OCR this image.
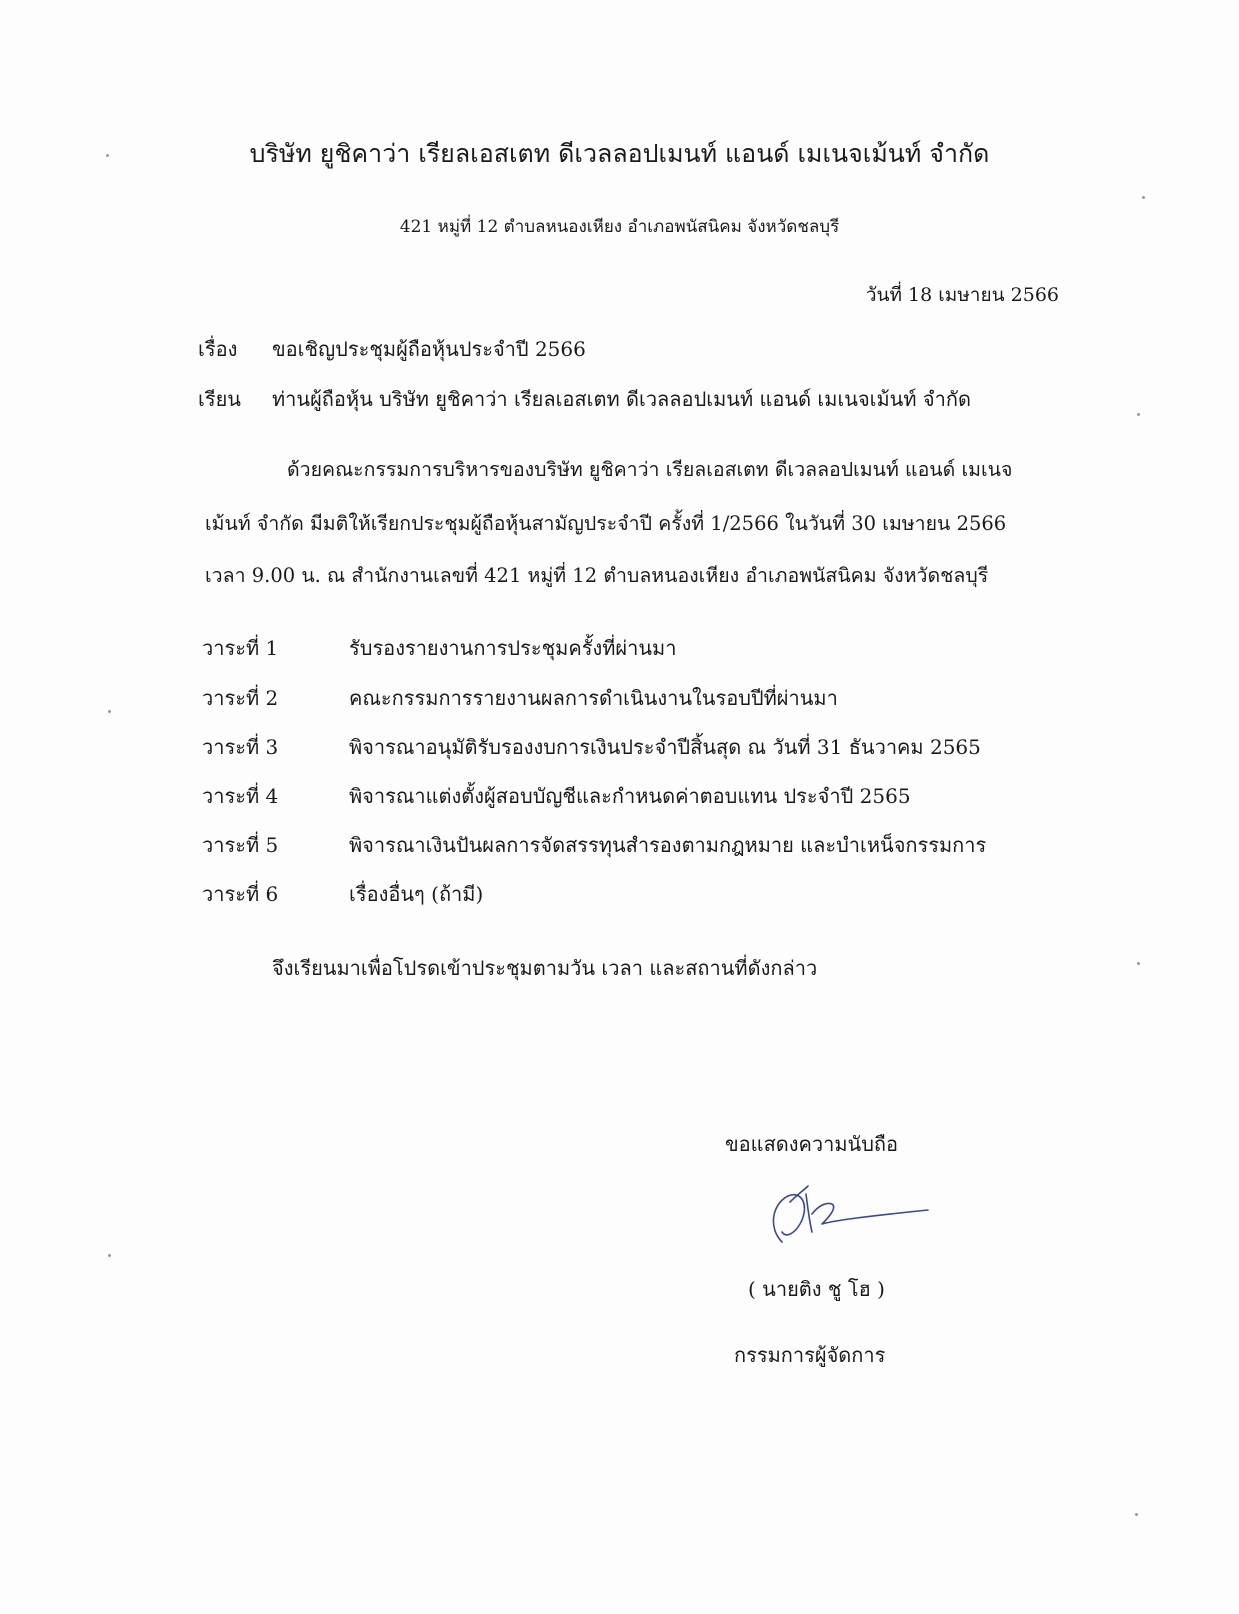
บริษัท ยูชิคาว่า เรียลเอสเตท ดีเวลลอปเมนท์ แอนด์ เมเนจเม้นท์ จำกัด
421 หมู่ที่ 12 ตำบลหนองเหียง อำเภอพนัสนิคม จังหวัดชลบุรี
วันที่ 18 เมษายน 2566
เรื่อง ขอเชิญประชุมผู้ถือหุ้นประจำปี 2566
เรียน ท่านผู้ถือหุ้น บริษัท ยูชิคาว่า เรียลเอสเตท ดีเวลลอปเมนท์ แอนด์ เมเนจเม้นท์ จำกัด
ด้วยคณะกรรมการบริหารของบริษัท ยูชิคาว่า เรียลเอสเตท ดีเวลลอปเมนท์ แอนด์ เมเนจ
เม้นท์ จำกัด มีมติให้เรียกประชุมผู้ถือหุ้นสามัญประจำปี ครั้งที่ 1/2566 ในวันที่ 30 เมษายน 2566
เวลา 9.00 น. ณ สำนักงานเลขที่ 421 หมู่ที่ 12 ตำบลหนองเหียง อำเภอพนัสนิคม จังหวัดชลบุรี
วาระที่ 1	รับรองรายงานการประชุมครั้งที่ผ่านมา
วาระที่ 2	คณะกรรมการรายงานผลการดำเนินงานในรอบปีที่ผ่านมา
วาระที่ 3	พิจารณาอนุมัติรับรองงบการเงินประจำปีสิ้นสุด ณ วันที่ 31 ธันวาคม 2565
วาระที่ 4	พิจารณาแต่งตั้งผู้สอบบัญชีและกำหนดค่าตอบแทน ประจำปี 2565
วาระที่ 5	พิจารณาเงินปันผลการจัดสรรทุนสำรองตามกฎหมาย และบำเหน็จกรรมการ
วาระที่ 6	เรื่องอื่นๆ (ถ้ามี)
จึงเรียนมาเพื่อโปรดเข้าประชุมตามวัน เวลา และสถานที่ดังกล่าว
ขอแสดงความนับถือ
( นายติง ชู โฮ )
กรรมการผู้จัดการ
